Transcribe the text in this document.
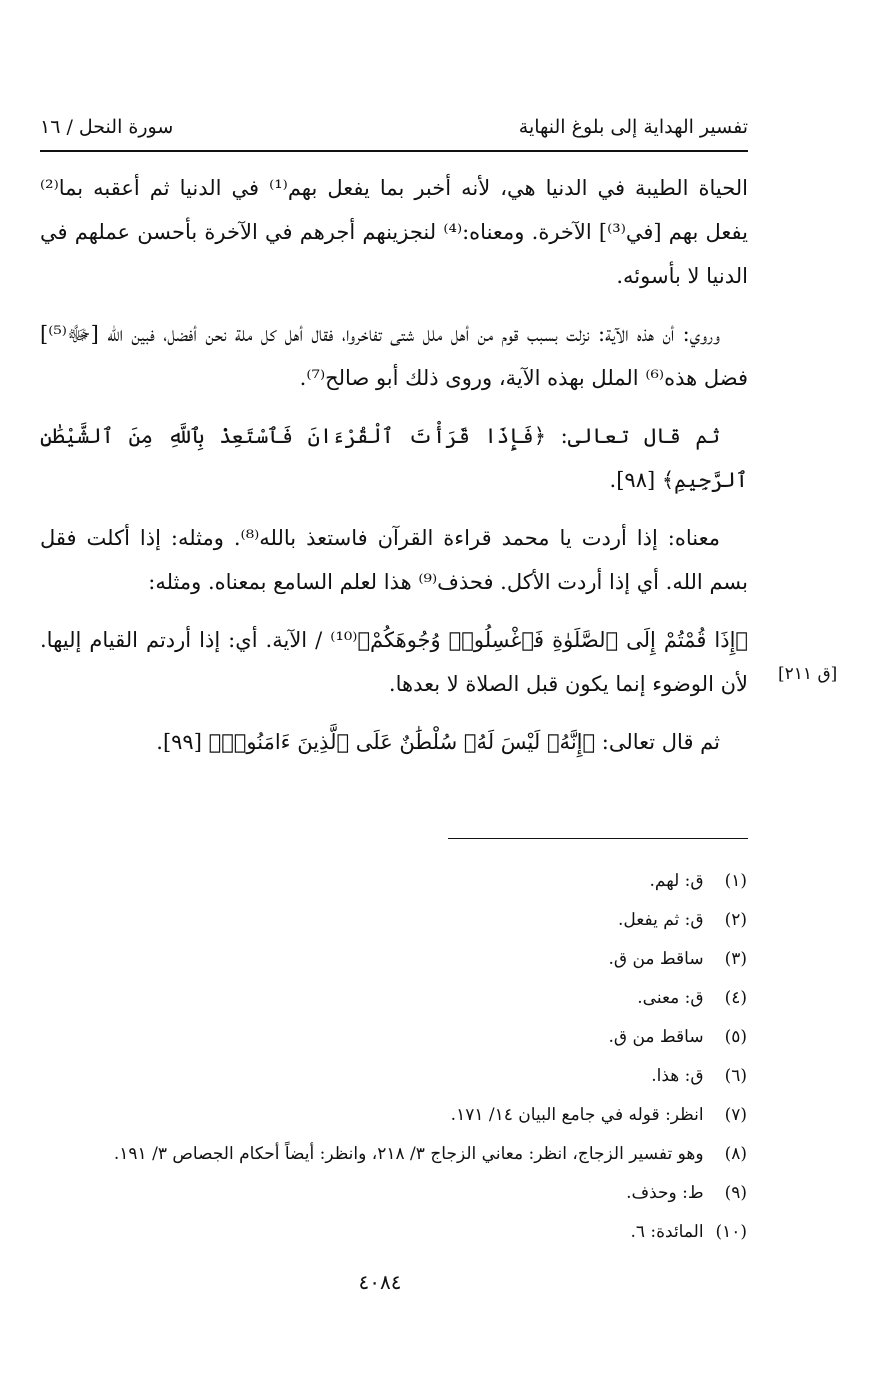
تفسير الهداية إلى بلوغ النهاية
سورة النحل / ١٦

الحياة الطيبة في الدنيا هي، لأنه أخبر بما يفعل بهم⁽¹⁾ في الدنيا ثم أعقبه بما⁽²⁾ يفعل بهم [في⁽³⁾] الآخرة. ومعناه:⁽⁴⁾ لنجزينهم أجرهم في الآخرة بأحسن عملهم في الدنيا لا بأسوئه.

وروي: أن هذه الآية: نزلت بسبب قوم من أهل ملل شتى تفاخروا، فقال أهل كل ملة نحن أفضل، فبين الله [ﷻ⁽⁵⁾] فضل هذه⁽⁶⁾ الملل بهذه الآية، وروى ذلك أبو صالح⁽⁷⁾.

ثم قال تعالى: ﴿فَإِذَا قَرَأْتَ ٱلْقُرْءَانَ فَٱسْتَعِذْ بِٱللَّهِ مِنَ ٱلشَّيْطَٰنِ ٱلرَّجِيمِ﴾ [٩٨].

معناه: إذا أردت يا محمد قراءة القرآن فاستعذ بالله⁽⁸⁾. ومثله: إذا أكلت فقل بسم الله. أي إذا أردت الأكل. فحذف⁽⁹⁾ هذا لعلم السامع بمعناه. ومثله:

﴿إِذَا قُمْتُمْ إِلَى ٱلصَّلَوٰةِ فَٱغْسِلُوا۟ وُجُوهَكُمْ﴾⁽¹⁰⁾ / الآية. أي: إذا أردتم القيام إليها. لأن الوضوء إنما يكون قبل الصلاة لا بعدها.

ثم قال تعالى: ﴿إِنَّهُۥ لَيْسَ لَهُۥ سُلْطَٰنٌ عَلَى ٱلَّذِينَ ءَامَنُوا۟﴾ [٩٩].

[ق ٢١١]
(١) ق: لهم.
(٢) ق: ثم يفعل.
(٣) ساقط من ق.
(٤) ق: معنى.
(٥) ساقط من ق.
(٦) ق: هذا.
(٧) انظر: قوله في جامع البيان ١٤/ ١٧١.
(٨) وهو تفسير الزجاج، انظر: معاني الزجاج ٣/ ٢١٨، وانظر: أيضاً أحكام الجصاص ٣/ ١٩١.
(٩) ط: وحذف.
(١٠) المائدة: ٦.
٤٠٨٤
